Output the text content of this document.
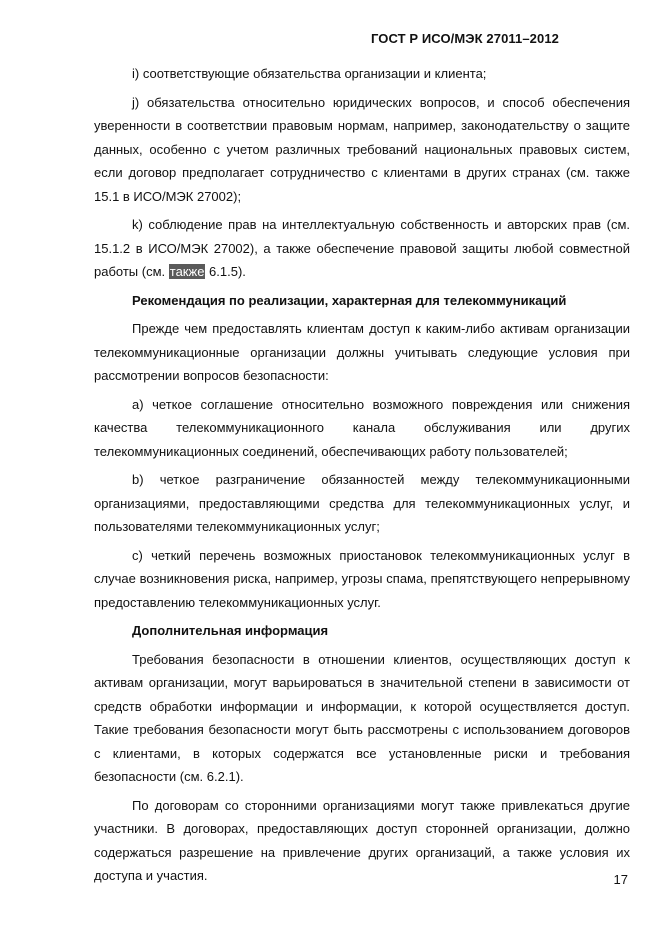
ГОСТ Р ИСО/МЭК 27011–2012

i) соответствующие обязательства организации и клиента;

j) обязательства относительно юридических вопросов, и способ обеспечения уверенности в соответствии правовым нормам, например, законодательству о защите данных, особенно с учетом различных требований национальных правовых систем, если договор предполагает сотрудничество с клиентами в других странах (см. также 15.1 в ИСО/МЭК 27002);

k) соблюдение прав на интеллектуальную собственность и авторских прав (см. 15.1.2 в ИСО/МЭК 27002), а также обеспечение правовой защиты любой совместной работы (см. также 6.1.5).

Рекомендация по реализации, характерная для телекоммуникаций

Прежде чем предоставлять клиентам доступ к каким-либо активам организации телекоммуникационные организации должны учитывать следующие условия при рассмотрении вопросов безопасности:

а) четкое соглашение относительно возможного повреждения или снижения качества телекоммуникационного канала обслуживания или других телекоммуникационных соединений, обеспечивающих работу пользователей;

b) четкое разграничение обязанностей между телекоммуникационными организациями, предоставляющими средства для телекоммуникационных услуг, и пользователями телекоммуникационных услуг;

с) четкий перечень возможных приостановок телекоммуникационных услуг в случае возникновения риска, например, угрозы спама, препятствующего непрерывному предоставлению телекоммуникационных услуг.

Дополнительная информация

Требования безопасности в отношении клиентов, осуществляющих доступ к активам организации, могут варьироваться в значительной степени в зависимости от средств обработки информации и информации, к которой осуществляется доступ. Такие требования безопасности могут быть рассмотрены с использованием договоров с клиентами, в которых содержатся все установленные риски и требования безопасности (см. 6.2.1).

По договорам со сторонними организациями могут также привлекаться другие участники. В договорах, предоставляющих доступ сторонней организации, должно содержаться разрешение на привлечение других организаций, а также условия их доступа и участия.	17
